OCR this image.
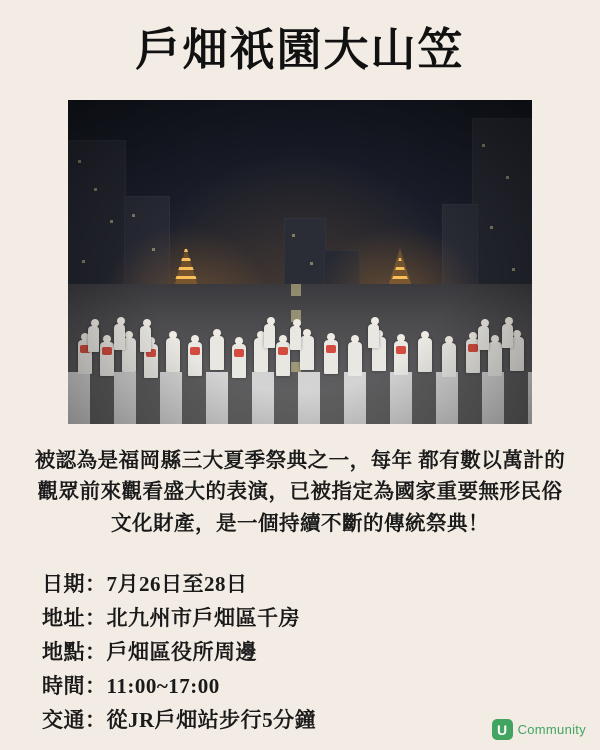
戶畑祇園大山笠
被認為是福岡縣三大夏季祭典之一，每年 都有數以萬計的觀眾前來觀看盛大的表演，已被指定為國家重要無形民俗文化財產，是一個持續不斷的傳統祭典！
日期：7月26日至28日
地址：北九州市戶畑區千房
地點：戶畑區役所周邊
時間：11:00~17:00
交通：從JR戶畑站步行5分鐘	U Community
